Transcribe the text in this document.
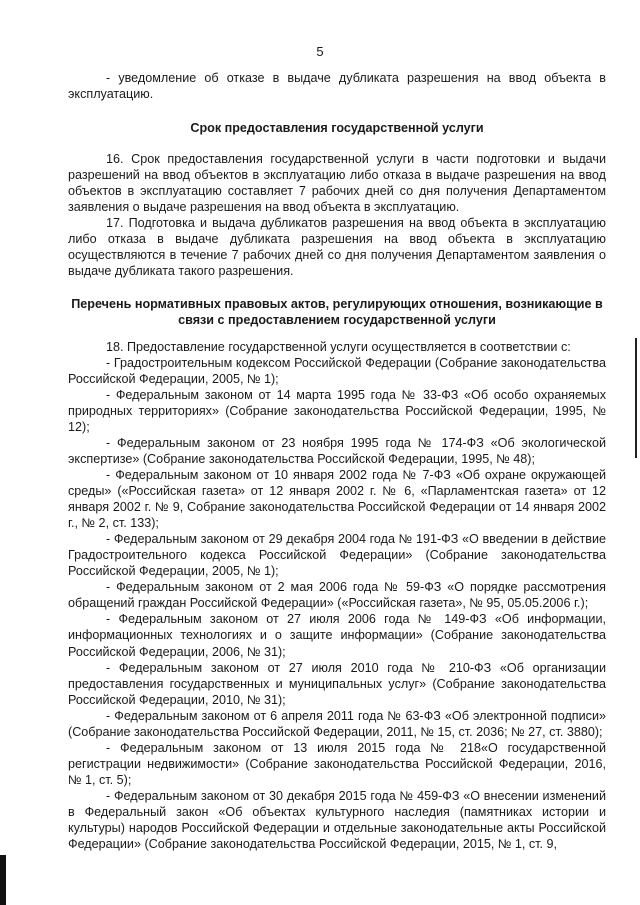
5

- уведомление об отказе в выдаче дубликата разрешения на ввод объекта в эксплуатацию.

Срок предоставления государственной услуги

16. Срок предоставления государственной услуги в части подготовки и выдачи разрешений на ввод объектов в эксплуатацию либо отказа в выдаче разрешения на ввод объектов в эксплуатацию составляет 7 рабочих дней со дня получения Департаментом заявления о выдаче разрешения на ввод объекта в эксплуатацию.

17. Подготовка и выдача дубликатов разрешения на ввод объекта в эксплуатацию либо отказа в выдаче дубликата разрешения на ввод объекта в эксплуатацию осуществляются в течение 7 рабочих дней со дня получения Департаментом заявления о выдаче дубликата такого разрешения.

Перечень нормативных правовых актов, регулирующих отношения, возникающие в связи с предоставлением государственной услуги

18. Предоставление государственной услуги осуществляется в соответствии с:

- Градостроительным кодексом Российской Федерации (Собрание законодательства Российской Федерации, 2005, № 1);

- Федеральным законом от 14 марта 1995 года № 33-ФЗ «Об особо охраняемых природных территориях» (Собрание законодательства Российской Федерации, 1995, № 12);

- Федеральным законом от 23 ноября 1995 года № 174-ФЗ «Об экологической экспертизе» (Собрание законодательства Российской Федерации, 1995, № 48);

- Федеральным законом от 10 января 2002 года № 7-ФЗ «Об охране окружающей среды» («Российская газета» от 12 января 2002 г. № 6, «Парламентская газета» от 12 января 2002 г. № 9, Собрание законодательства Российской Федерации от 14 января 2002 г., № 2, ст. 133);

- Федеральным законом от 29 декабря 2004 года № 191-ФЗ «О введении в действие Градостроительного кодекса Российской Федерации» (Собрание законодательства Российской Федерации, 2005, № 1);

- Федеральным законом от 2 мая 2006 года № 59-ФЗ «О порядке рассмотрения обращений граждан Российской Федерации» («Российская газета», № 95, 05.05.2006 г.);

- Федеральным законом от 27 июля 2006 года № 149-ФЗ «Об информации, информационных технологиях и о защите информации» (Собрание законодательства Российской Федерации, 2006, № 31);

- Федеральным законом от 27 июля 2010 года № 210-ФЗ «Об организации предоставления государственных и муниципальных услуг» (Собрание законодательства Российской Федерации, 2010, № 31);

- Федеральным законом от 6 апреля 2011 года № 63-ФЗ «Об электронной подписи» (Собрание законодательства Российской Федерации, 2011, № 15, ст. 2036; № 27, ст. 3880);

- Федеральным законом от 13 июля 2015 года № 218«О государственной регистрации недвижимости» (Собрание законодательства Российской Федерации, 2016, № 1, ст. 5);

- Федеральным законом от 30 декабря 2015 года № 459-ФЗ «О внесении изменений в Федеральный закон «Об объектах культурного наследия (памятниках истории и культуры) народов Российской Федерации и отдельные законодательные акты Российской Федерации» (Собрание законодательства Российской Федерации, 2015, № 1, ст. 9,
